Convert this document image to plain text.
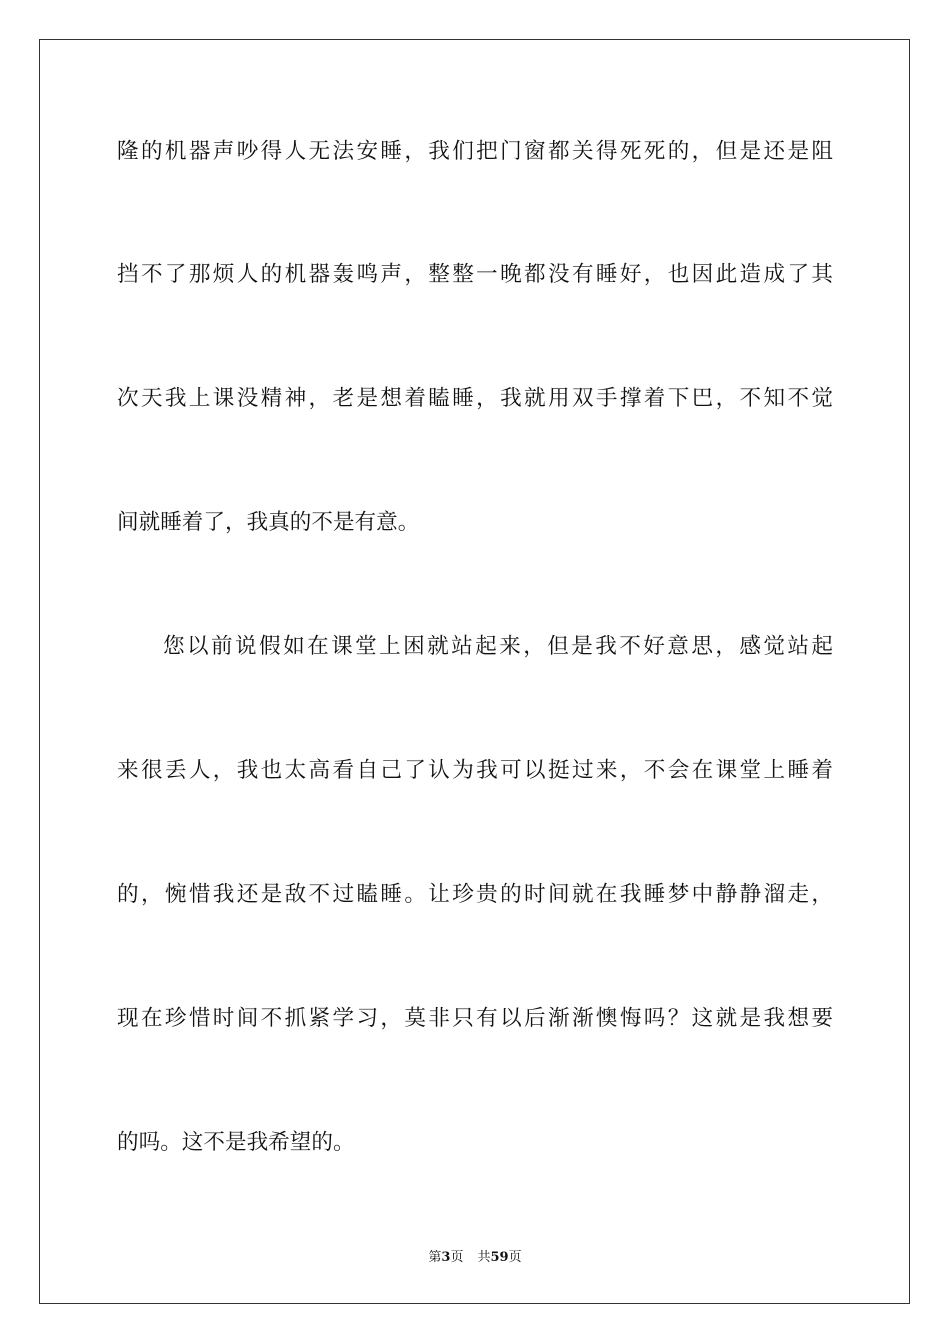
隆的机器声吵得人无法安睡，我们把门窗都关得死死的，但是还是阻
挡不了那烦人的机器轰鸣声，整整一晚都没有睡好，也因此造成了其
次天我上课没精神，老是想着瞌睡，我就用双手撑着下巴，不知不觉
间就睡着了，我真的不是有意。
您以前说假如在课堂上困就站起来，但是我不好意思，感觉站起
来很丢人，我也太高看自己了认为我可以挺过来，不会在课堂上睡着
的，惋惜我还是敌不过瞌睡。让珍贵的时间就在我睡梦中静静溜走，
现在珍惜时间不抓紧学习，莫非只有以后渐渐懊悔吗？这就是我想要
的吗。这不是我希望的。
第3页 共59页
